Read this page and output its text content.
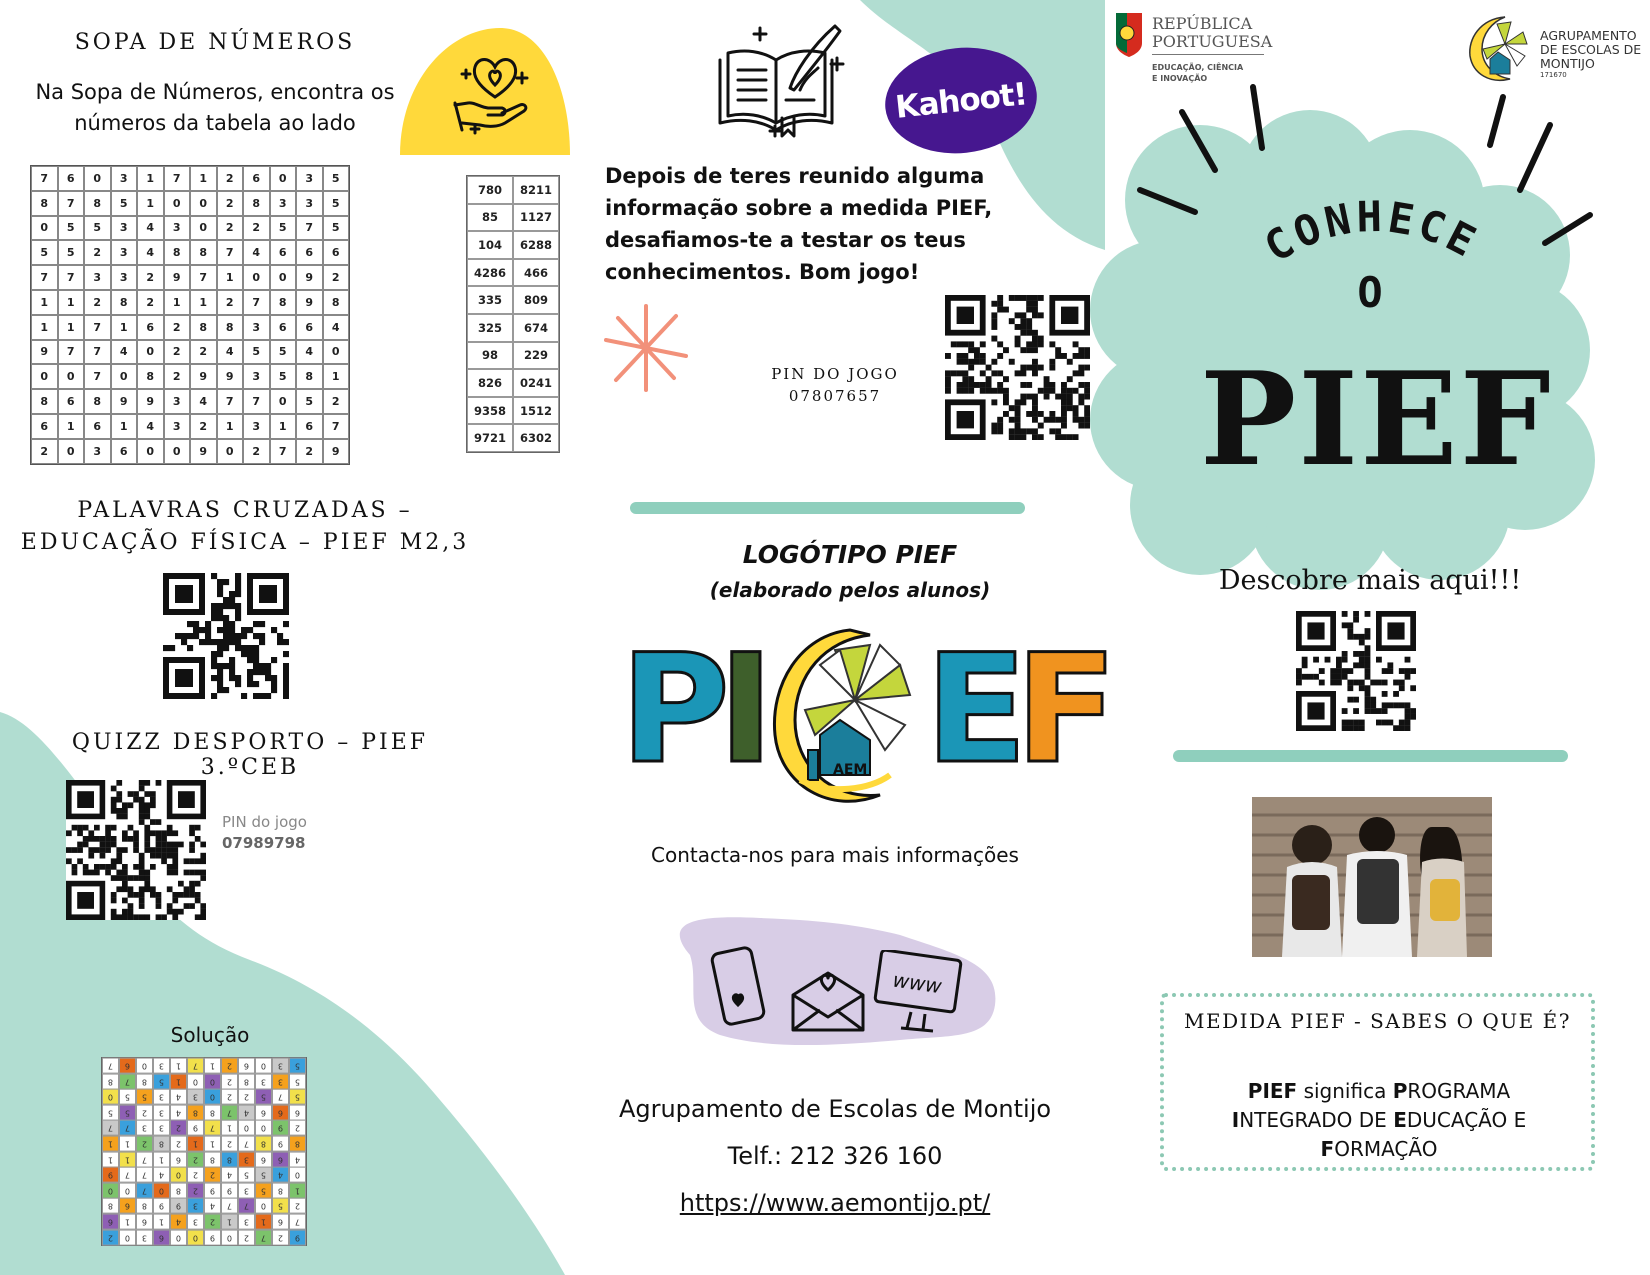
SOPA DE NÚMEROS
Na Sopa de Números, encontra os
números da tabela ao lado
7	6	0	3	1	7	1	2	6	0	3	5
8	7	8	5	1	0	0	2	8	3	3	5
0	5	5	3	4	3	0	2	2	5	7	5
5	5	2	3	4	8	8	7	4	6	6	6
7	7	3	3	2	9	7	1	0	0	9	2
1	1	2	8	2	1	1	2	7	8	9	8
1	1	7	1	6	2	8	8	3	6	6	4
9	7	7	4	0	2	2	4	5	5	4	0
0	0	7	0	8	2	9	9	3	5	8	1
8	6	8	9	9	3	4	7	7	0	5	2
6	1	6	1	4	3	2	1	3	1	6	7
2	0	3	6	0	0	9	0	2	7	2	9
780	8211
85	1127
104	6288
4286	466
335	809
325	674
98	229
826	0241
9358	1512
9721	6302
PALAVRAS CRUZADAS –
EDUCAÇÃO FÍSICA – PIEF M2,3
QUIZZ DESPORTO – PIEF 3.ºCEB
PIN do jogo
07989798
Solução
7	6	0	3	1	7	1	2	6	0	3	5
8	7	8	5	1	0	0	2	8	3	3	5
0	5	5	3	4	3	0	2	2	5	7	5
5	5	2	3	4	8	8	7	4	6	6	6
7	7	3	3	2	9	7	1	0	0	9	2
1	1	2	8	2	1	1	2	7	8	9	8
1	1	7	1	6	2	8	8	3	6	6	4
9	7	7	4	0	2	2	4	5	5	4	0
0	0	7	0	8	2	9	9	3	5	8	1
8	6	8	9	9	3	4	7	7	0	5	2
6	1	6	1	4	3	2	1	3	1	6	7
2	0	3	6	0	0	9	0	2	7	2	9
Kahoot!
Depois de teres reunido alguma informação sobre a medida PIEF, desafiamos-te a testar os teus conhecimentos. Bom jogo!
PIN DO JOGO
07807657
LOGÓTIPO PIEF
(elaborado pelos alunos)
P
I	AEM E
F
Contacta-nos para mais informações
www
Agrupamento de Escolas de Montijo
Telf.: 212 326 160
https://www.aemontijo.pt/
REPÚBLICA
PORTUGUESA
EDUCAÇÃO, CIÊNCIA
E INOVAÇÃO
AGRUPAMENTO
DE ESCOLAS DE
MONTIJO
171670
CONHECE
O
PIEF
Descobre mais aqui!!!
MEDIDA PIEF - SABES O QUE É?
PIEF significa PROGRAMA INTEGRADO DE EDUCAÇÃO E FORMAÇÃO
